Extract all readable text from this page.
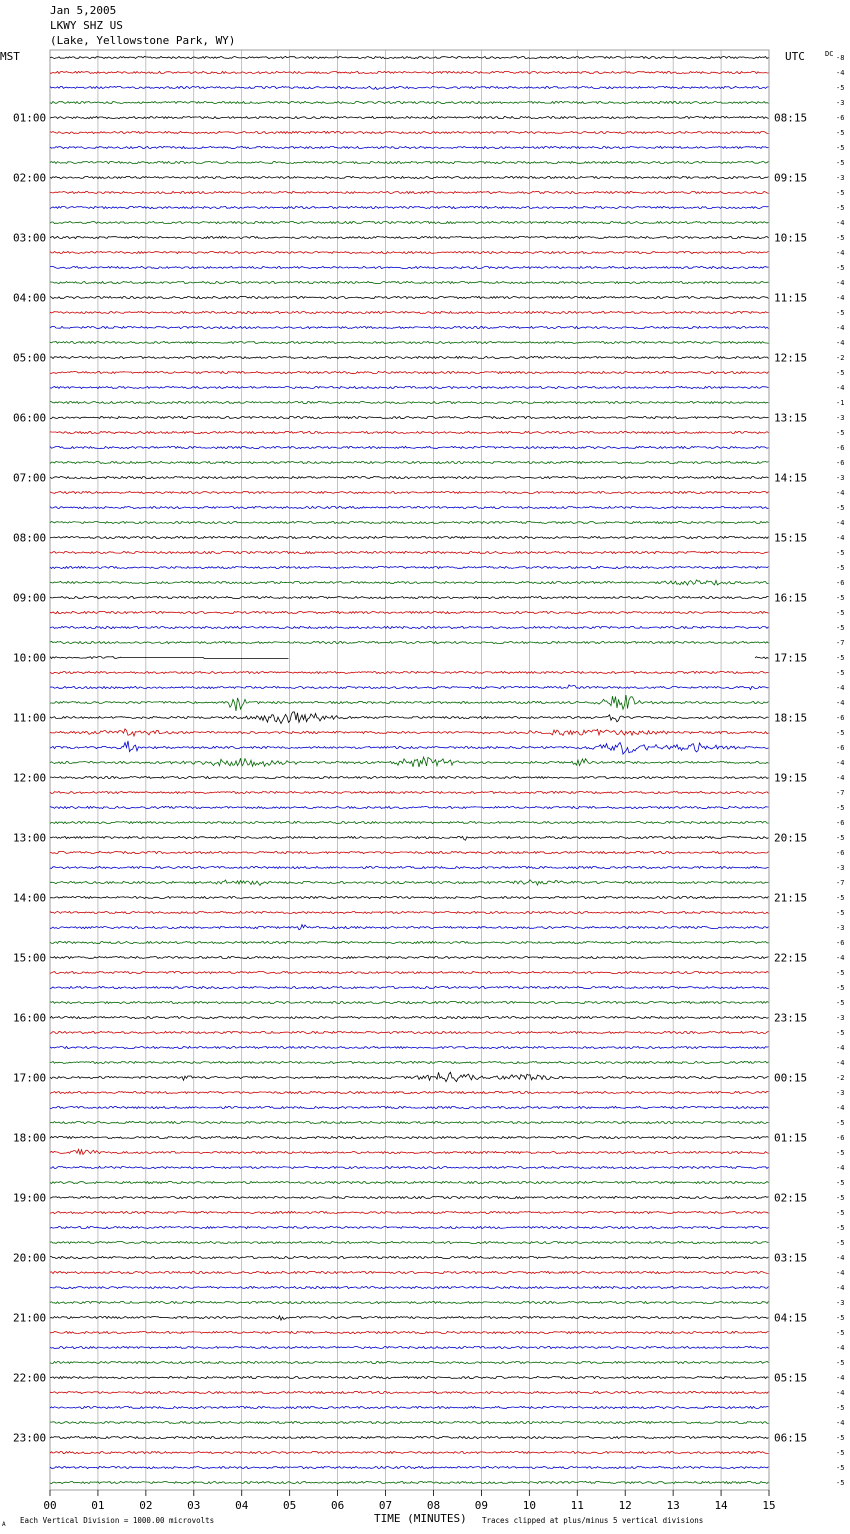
Jan 5,2005
LKWY SHZ US
(Lake, Yellowstone Park, WY)
00	01	02	03	04	05	06	07	08	09	10	11	12	13	14	15
-8
-4
-5
-3
-6
01:00	08:15
-5
-5
-5
-3
02:00	09:15
-5
-5
-4
-5
03:00	10:15
-4
-5
-4
-4
04:00	11:15
-5
-4
-4
-2
05:00	12:15
-5
-4
-1
-3
06:00	13:15
-5
-6
-6
-3
07:00	14:15
-4
-5
-4
-4
08:00	15:15
-5
-5
-6
-5
09:00	16:15
-5
-5
-7
-5
10:00	17:15
-5
-4
-4
-6
11:00	18:15
-5
-6
-4
-4
12:00	19:15
-7
-5
-6
-5
13:00	20:15
-6
-3
-7
-5
14:00	21:15
-5
-3
-6
-4
15:00	22:15
-5
-5
-5
-3
16:00	23:15
-5
-4
-4
-2
17:00	00:15
-3
-4
-5
-6
18:00	01:15
-5
-4
-5
-5
19:00	02:15
-5
-5
-5
-4
20:00	03:15
-4
-4
-3
-5
21:00	04:15
-5
-4
-5
-4
22:00	05:15
-4
-5
-4
-5
23:00	06:15
-5
-5
-5
MST	UTC	DC
TIME (MINUTES)
Each Vertical Division = 1000.00 microvolts	Traces clipped at plus/minus 5 vertical divisions
A
